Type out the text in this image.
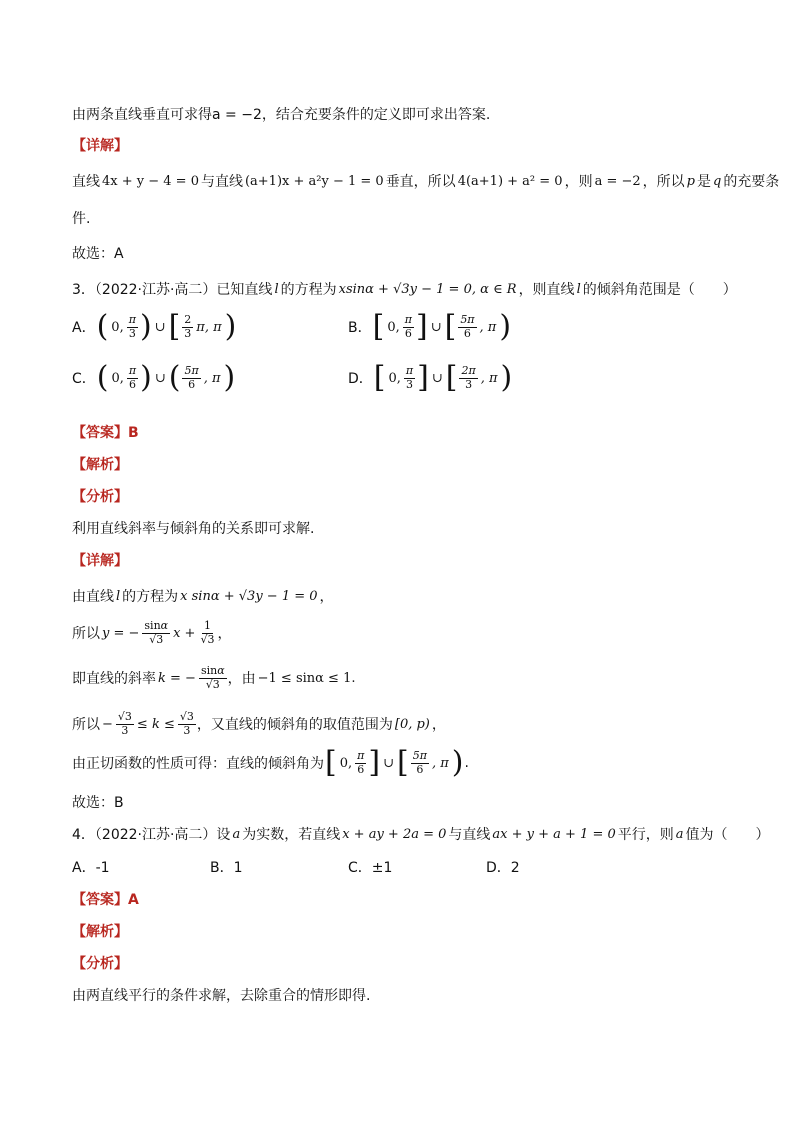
由两条直线垂直可求得a = −2，结合充要条件的定义即可求出答案.
【详解】
直线 4x + y − 4 = 0 与直线 (a+1)x + a²y − 1 = 0 垂直，所以 4(a+1) + a² = 0 ，则 a = −2 ，所以 p 是 q 的充要条
件.
故选：A
3．（2022·江苏·高二）已知直线 l 的方程为 xsinα + √3y − 1 = 0, α ∈ R ，则直线 l 的倾斜角范围是（　　）
A． ( 0, $\frac{\pi}{3}$ ) ∪ [ $\frac{2}{3} \pi$, π )	B． [ 0, $\frac{\pi}{6}$ ] ∪ [ $\frac{5\pi}{6}$ , π )
C． ( 0, $\frac{\pi}{6}$ ) ∪ ( $\frac{5\pi}{6}$ , π )	D． [ 0, $\frac{\pi}{3}$ ] ∪ [ $\frac{2\pi}{3}$ , π )
【答案】B
【解析】
【分析】
利用直线斜率与倾斜角的关系即可求解.
【详解】
由直线 l 的方程为 x sinα + √3y − 1 = 0 ，
所以 y = − $\frac{\sin\alpha}{√3}$ $x + \frac{1}{√3}$ ，
即直线的斜率 k = − $\frac{\sin\alpha}{√3}$ ，由 −1 ≤ sinα ≤ 1.
所以 − $\frac{√3}{3} \le k \le \frac{√3}{3}$ ，又直线的倾斜角的取值范围为 [0, p) ，
由正切函数的性质可得：直线的倾斜角为 [ 0, $\frac{\pi}{6}$ ] ∪ [ $\frac{5\pi}{6}$ , π ) .
故选：B
4．（2022·江苏·高二）设 a 为实数，若直线 x + ay + 2a = 0 与直线 ax + y + a + 1 = 0 平行，则 a 值为（　　）
A．-1	B．1	C．±1	D．2
【答案】A
【解析】
【分析】
由两直线平行的条件求解，去除重合的情形即得.
